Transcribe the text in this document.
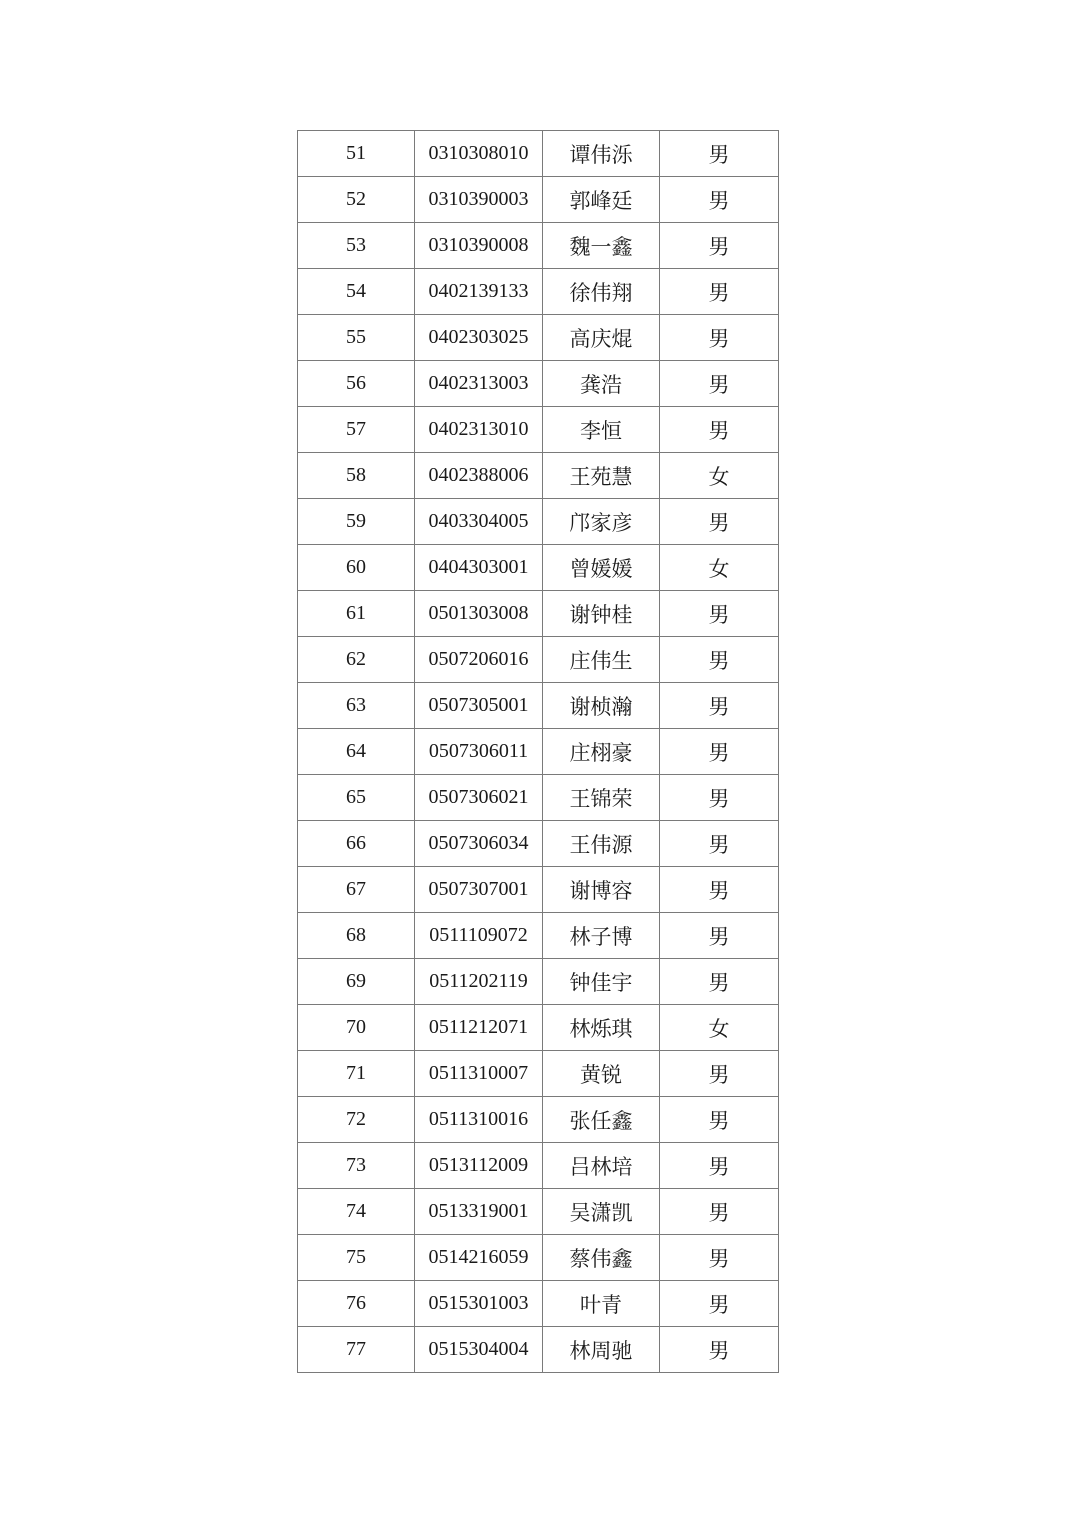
51	0310308010	谭伟泺	男
52	0310390003	郭峰廷	男
53	0310390008	魏一鑫	男
54	0402139133	徐伟翔	男
55	0402303025	高庆焜	男
56	0402313003	龚浩	男
57	0402313010	李恒	男
58	0402388006	王苑慧	女
59	0403304005	邝家彦	男
60	0404303001	曾媛媛	女
61	0501303008	谢钟桂	男
62	0507206016	庄伟生	男
63	0507305001	谢桢瀚	男
64	0507306011	庄栩豪	男
65	0507306021	王锦荣	男
66	0507306034	王伟源	男
67	0507307001	谢博容	男
68	0511109072	林子博	男
69	0511202119	钟佳宇	男
70	0511212071	林烁琪	女
71	0511310007	黄锐	男
72	0511310016	张任鑫	男
73	0513112009	吕林培	男
74	0513319001	吴潇凯	男
75	0514216059	蔡伟鑫	男
76	0515301003	叶青	男
77	0515304004	林周驰	男
